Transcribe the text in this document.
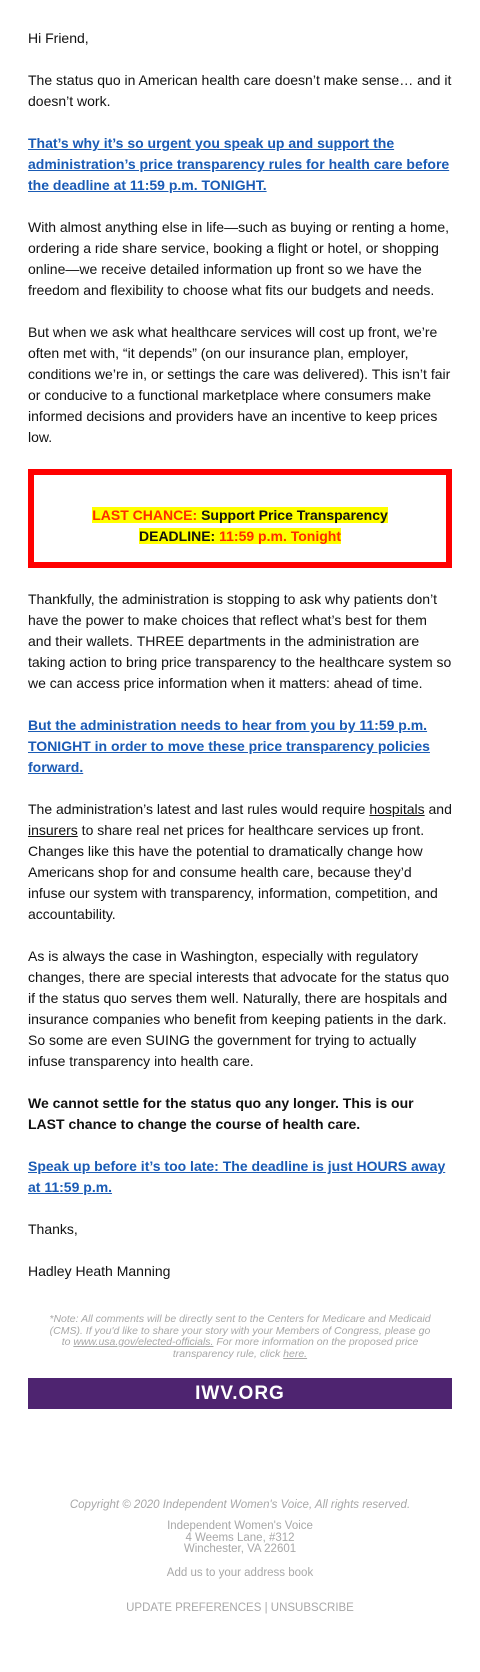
Hi Friend,

The status quo in American health care doesn’t make sense… and it doesn’t work.

That’s why it’s so urgent you speak up and support the administration’s price transparency rules for health care before the deadline at 11:59 p.m. TONIGHT.

With almost anything else in life—such as buying or renting a home, ordering a ride share service, booking a flight or hotel, or shopping online—we receive detailed information up front so we have the freedom and flexibility to choose what fits our budgets and needs.

But when we ask what healthcare services will cost up front, we’re often met with, “it depends” (on our insurance plan, employer, conditions we’re in, or settings the care was delivered). This isn’t fair or conducive to a functional marketplace where consumers make informed decisions and providers have an incentive to keep prices low.

LAST CHANCE: Support Price Transparency
DEADLINE: 11:59 p.m. Tonight

Thankfully, the administration is stopping to ask why patients don’t have the power to make choices that reflect what’s best for them and their wallets. THREE departments in the administration are taking action to bring price transparency to the healthcare system so we can access price information when it matters: ahead of time.

But the administration needs to hear from you by 11:59 p.m. TONIGHT in order to move these price transparency policies forward.

The administration’s latest and last rules would require hospitals and insurers to share real net prices for healthcare services up front. Changes like this have the potential to dramatically change how Americans shop for and consume health care, because they’d infuse our system with transparency, information, competition, and accountability.

As is always the case in Washington, especially with regulatory changes, there are special interests that advocate for the status quo if the status quo serves them well. Naturally, there are hospitals and insurance companies who benefit from keeping patients in the dark. So some are even SUING the government for trying to actually infuse transparency into health care.

We cannot settle for the status quo any longer. This is our LAST chance to change the course of health care.

Speak up before it’s too late: The deadline is just HOURS away at 11:59 p.m.

Thanks,

Hadley Heath Manning

*Note: All comments will be directly sent to the Centers for Medicare and Medicaid (CMS). If you'd like to share your story with your Members of Congress, please go to www.usa.gov/elected-officials. For more information on the proposed price transparency rule, click here.
IWV.ORG
Copyright © 2020 Independent Women's Voice, All rights reserved.
Independent Women's Voice
4 Weems Lane, #312
Winchester, VA 22601
Add us to your address book
UPDATE PREFERENCES | UNSUBSCRIBE
